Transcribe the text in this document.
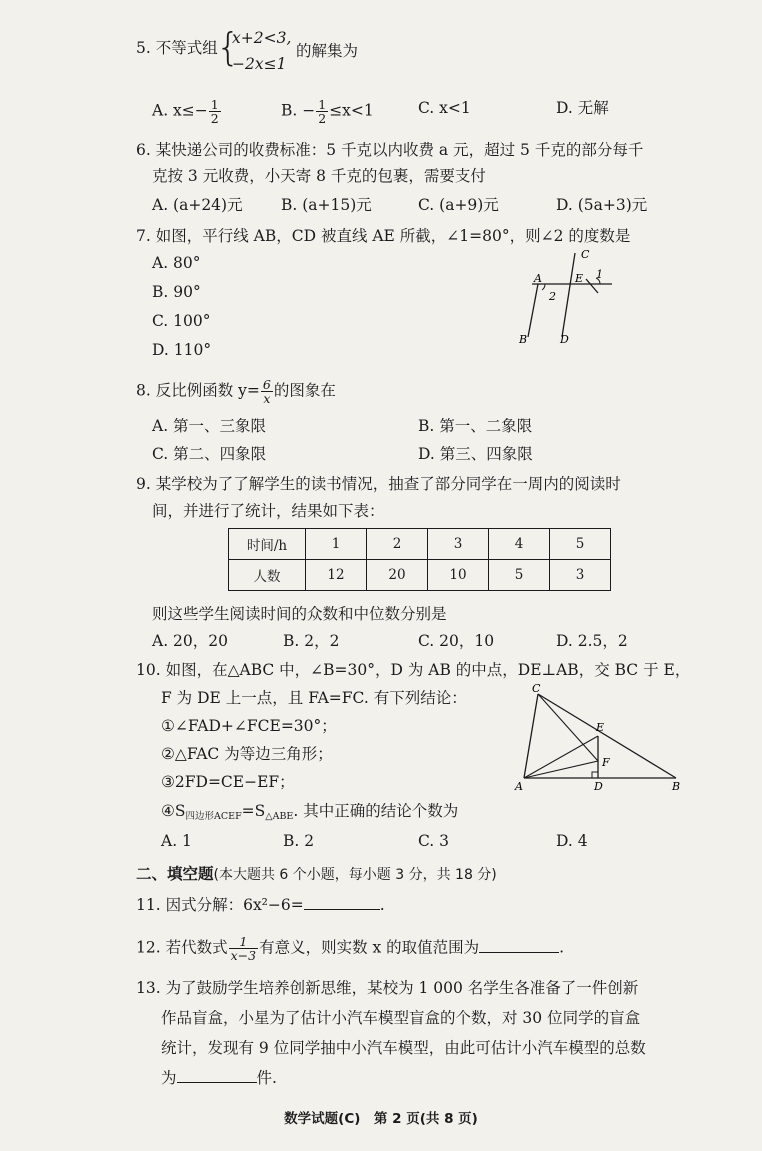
5. 不等式组
{
x+2<3,
−2x≤1
的解集为
A. $x\le- \frac{1}{2}$	B. − $\frac{1}{2} \le x<1$	C. x<1	D. 无解
6. 某快递公司的收费标准：5 千克以内收费 a 元，超过 5 千克的部分每千
克按 3 元收费，小天寄 8 千克的包裹，需要支付
A. (a+24)元 B. (a+15)元	C. (a+9)元	D. (5a+3)元
7. 如图，平行线 AB，CD 被直线 AE 所截，∠1=80°，则∠2 的度数是
A. 80°
B. 90°
C. 100°
D. 110°
A	E
C
1
2
B	D
8. 反比例函数 $y= \frac{6}{x}$ 的图象在
A. 第一、三象限	B. 第一、二象限
C. 第二、四象限	D. 第三、四象限
9. 某学校为了了解学生的读书情况，抽查了部分同学在一周内的阅读时
间，并进行了统计，结果如下表：
时间/h	1	2	3	4	5
人数	12	20	10	5	3
则这些学生阅读时间的众数和中位数分别是
A. 20，20	B. 2，2	C. 20，10	D. 2.5，2
10. 如图，在△ABC 中，∠B=30°，D 为 AB 的中点，DE⊥AB，交 BC 于 E，
F 为 DE 上一点，且 FA=FC. 有下列结论：
①∠FAD+∠FCE=30°；
②△FAC 为等边三角形；
③2FD=CE−EF；
$④S_{四边形ACEF}=S_{\triangle ABE}$. 其中正确的结论个数为
A. 1	B. 2	C. 3	D. 4
C
E
F
A	D	B
二、填空题(本大题共 6 个小题，每小题 3 分，共 18 分)
11. 因式分解：6x²−6=	.
12. 若代数式 $\frac{1}{x-3}$ 有意义，则实数 x 的取值范围为	.
13. 为了鼓励学生培养创新思维，某校为 1 000 名学生各准备了一件创新
作品盲盒，小星为了估计小汽车模型盲盒的个数，对 30 位同学的盲盒
统计，发现有 9 位同学抽中小汽车模型，由此可估计小汽车模型的总数
为	件.
数学试题(C)　第 2 页(共 8 页)
